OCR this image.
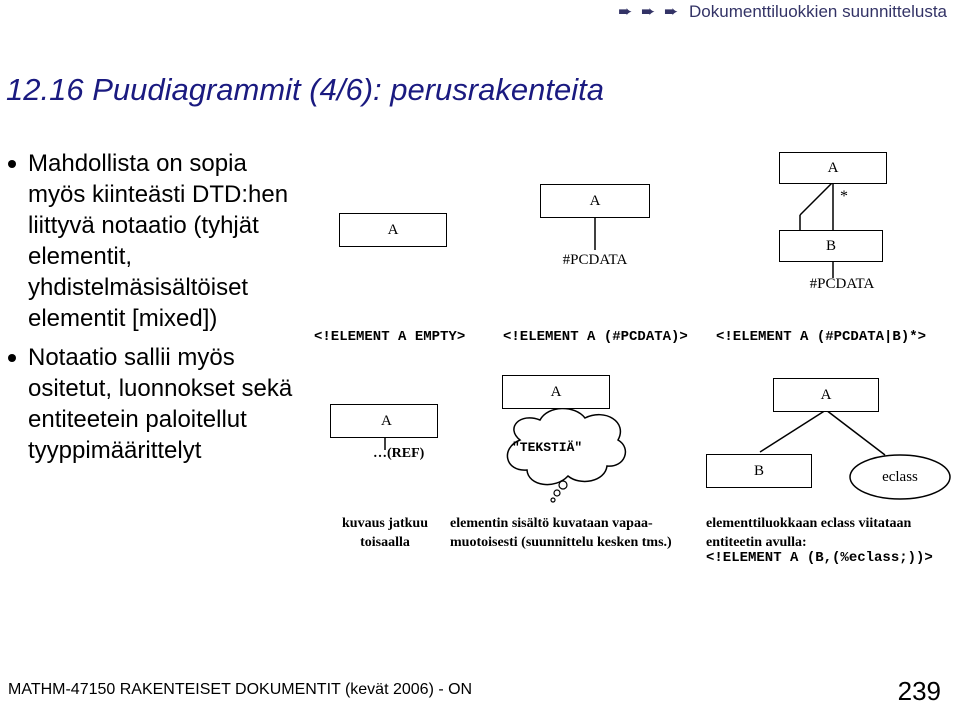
➨ ➨ ➨ Dokumenttiluokkien suunnittelusta
12.16 Puudiagrammit (4/6): perusrakenteita
Mahdollista on sopia myös kiinteästi DTD:hen liittyvä notaatio (tyhjät elementit, yhdistelmäsisältöiset elementit [mixed])
Notaatio sallii myös ositetut, luonnokset sekä entiteetein paloitellut tyyppimäärittelyt
A
<!ELEMENT A EMPTY>
A
#PCDATA
<!ELEMENT A (#PCDATA)>
A
*
B
#PCDATA
<!ELEMENT A (#PCDATA|B)*>
A
…(REF)
kuvaus jatkuu
toisaalla
A
"TEKSTIÄ"
elementin sisältö kuvataan vapaa-
muotoisesti (suunnittelu kesken tms.)
A
B	eclass
elementtiluokkaan eclass viitataan
entiteetin avulla:
<!ELEMENT A (B,(%eclass;))>
MATHM-47150 RAKENTEISET DOKUMENTIT (kevät 2006) - ON	239
